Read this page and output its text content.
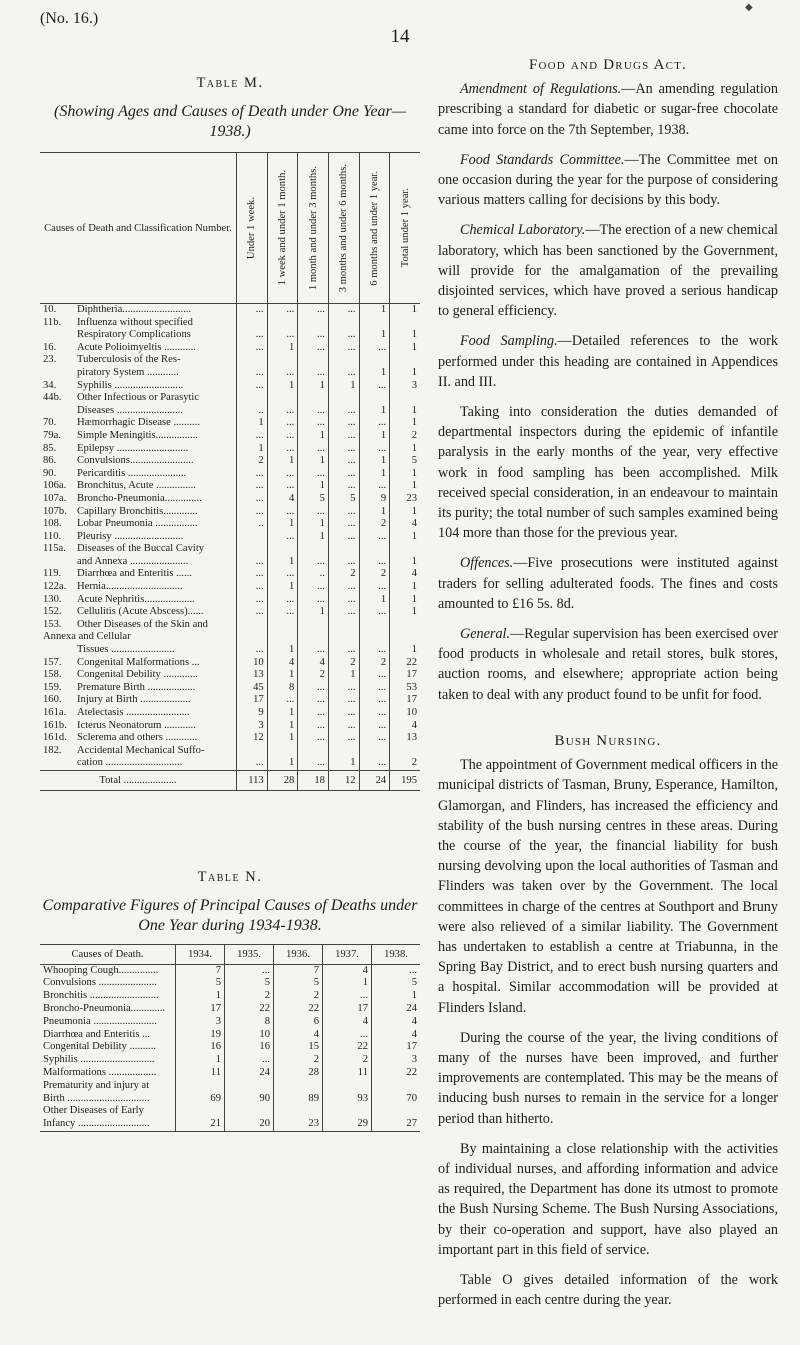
(No. 16.)
◆
14
Table M.
(Showing Ages and Causes of Death under One Year—1938.)
Causes of Death and Classification Number.	Under 1 week.	1 week and under 1 month.	1 month and under 3 months.	3 months and under 6 months.	6 months and under 1 year.	Total under 1 year.

10. Diphtheria..........................	...	...	...	...	1	1
11b. Influenza without specified
Respiratory Complications	...	...	...	...	1	1
16. Acute Polioimyeltis ............	...	1	...	...	...	1
23. Tuberculosis of the Res-
piratory System ............	...	...	...	...	1	1
34. Syphilis ..........................	...	1	1	1	...	3
44b. Other Infectious or Parasytic
Diseases .........................	..	...	...	...	1	1
70. Hæmorrhagic Disease ..........	1	...	...	...	...	1
79a. Simple Meningitis................	...	...	1	...	1	2
85. Epilepsy ...........................	1	...	...	...	...	1
86. Convulsions........................	2	1	1	...	1	5
90. Pericarditis ......................	...	...	...	...	1	1
106a. Bronchitus, Acute ...............	...	...	1	...	...	1
107a. Broncho-Pneumonia..............	...	4	5	5	9	23
107b. Capillary Bronchitis.............	...	...	...	...	1	1
108. Lobar Pneumonia ................	..	1	1	...	2	4
110. Pleurisy ..........................		...	1	...	...	1
115a. Diseases of the Buccal Cavity
and Annexa ......................	...	1	...	...	...	1
119. Diarrhœa and Enteritis ......	...	...	..	2	2	4
122a. Hernia.............................	...	1	...	...	...	1
130. Acute Nephritis...................	...	...	...	...	1	1
152. Cellulitis (Acute Abscess)......	...	...	1	...	...	1
153. Other Diseases of the Skin and Annexa and Cellular
Tissues ........................	...	1	...	...	...	1
157. Congenital Malformations ...	10	4	4	2	2	22
158. Congenital Debility .............	13	1	2	1	...	17
159. Premature Birth ..................	45	8	...	...	...	53
160. Injury at Birth ...................	17	...	...	...	...	17
161a. Atelectasis ........................	9	1	...	...	...	10
161b. Icterus Neonatorum ............	3	1	...	...	...	4
161d. Sclerema and others ............	12	1	...	...	...	13
182. Accidental Mechanical Suffo-
cation .............................	...	1	...	1	...	2
Total ....................	113	28	18	12	24	195
Table N.
Comparative Figures of Principal Causes of Deaths under One Year during 1934-1938.
Causes of Death.	1934.	1935.	1936.	1937.	1938.
Whooping Cough...............	7	...	7	4	...
Convulsions ......................	5	5	5	1	5
Bronchitis ..........................	1	2	2	...	1
Broncho-Pneumonia.............	17	22	22	17	24
Pneumonia ........................	3	8	6	4	4
Diarrhœa and Enteritis ...	19	10	4	...	4
Congenital Debility ..........	16	16	15	22	17
Syphilis ............................	1	...	2	2	3
Malformations ..................	11	24	28	11	22
Prematurity and injury at
Birth ...............................	69	90	89	93	70
Other Diseases of Early
Infancy ...........................	21	20	23	29	27
Food and Drugs Act.

Amendment of Regulations.—An amending regulation prescribing a standard for diabetic or sugar-free chocolate came into force on the 7th September, 1938.

Food Standards Committee.—The Committee met on one occasion during the year for the purpose of considering various matters calling for decisions by this body.

Chemical Laboratory.—The erection of a new chemical laboratory, which has been sanctioned by the Government, will provide for the amalgamation of the prevailing disjointed services, which have proved a serious handicap to general efficiency.

Food Sampling.—Detailed references to the work performed under this heading are contained in Appendices II. and III.

Taking into consideration the duties demanded of departmental inspectors during the epidemic of infantile paralysis in the early months of the year, very effective work in food sampling has been accomplished. Milk received special consideration, in an endeavour to maintain its purity; the total number of such samples examined being 104 more than those for the previous year.

Offences.—Five prosecutions were instituted against traders for selling adulterated foods. The fines and costs amounted to £16 5s. 8d.

General.—Regular supervision has been exercised over food products in wholesale and retail stores, bulk stores, auction rooms, and elsewhere; appropriate action being taken to deal with any product found to be unfit for food.

Bush Nursing.

The appointment of Government medical officers in the municipal districts of Tasman, Bruny, Esperance, Hamilton, Glamorgan, and Flinders, has increased the efficiency and stability of the bush nursing centres in these areas. During the course of the year, the financial liability for bush nursing devolving upon the local authorities of Tasman and Flinders was taken over by the Government. The local committees in charge of the centres at Southport and Bruny were also relieved of a similar liability. The Government has undertaken to establish a centre at Triabunna, in the Spring Bay District, and to erect bush nursing quarters and a hospital. Similar accommodation will be provided at Flinders Island.

During the course of the year, the living conditions of many of the nurses have been improved, and further improvements are contemplated. This may be the means of inducing bush nurses to remain in the service for a longer period than hitherto.

By maintaining a close relationship with the activities of individual nurses, and affording information and advice as required, the Department has done its utmost to promote the Bush Nursing Scheme. The Bush Nursing Associations, by their co-operation and support, have also played an important part in this field of service.

Table O gives detailed information of the work performed in each centre during the year.
